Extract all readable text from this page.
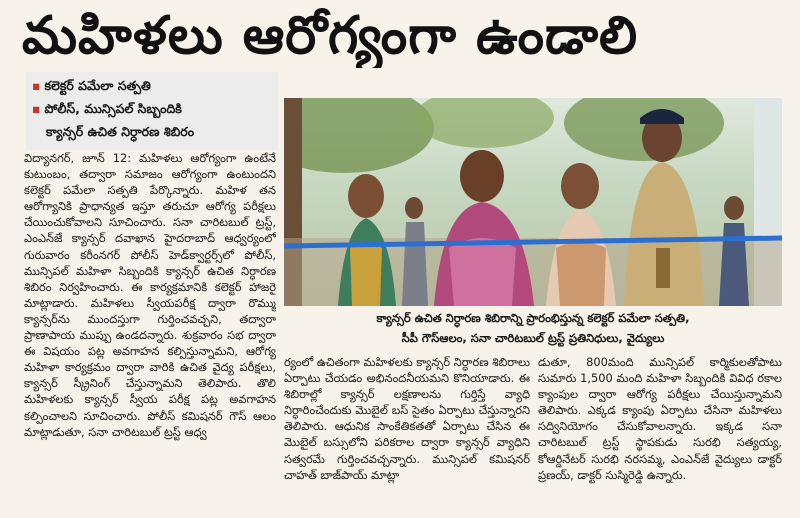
మహిళలు ఆరోగ్యంగా ఉండాలి
▪ కలెక్టర్ పమేలా సత్పతి
▪ పోలీస్, మున్సిపల్ సిబ్బందికి
క్యాన్సర్ ఉచిత నిర్ధారణ శిబిరం

విద్యానగర్, జూన్ 12: మహిళలు ఆరోగ్యంగా ఉంటేనే కుటుంబం, తద్వారా సమాజం ఆరోగ్యంగా ఉంటుందని కలెక్టర్ పమేలా సత్పతి పేర్కొన్నారు. మహిళ తన ఆరోగ్యానికి ప్రాధాన్యత ఇస్తూ తరుచూ ఆరోగ్య పరీక్షలు చేయించుకోవాలని సూచించారు. సనా చారిటబుల్ ట్రస్ట్, ఎంఎన్‌జే క్యాన్సర్ దవాఖాన హైదరాబాద్ ఆధ్వర్యంలో గురువారం కరీంనగర్ పోలీస్ హెడ్‌క్వార్టర్స్‌లో పోలీస్, మున్సిపల్ మహిళా సిబ్బందికి క్యాన్సర్ ఉచిత నిర్ధారణ శిబిరం నిర్వహించారు. ఈ కార్యక్రమానికి కలెక్టర్ హాజరై మాట్లాడారు. మహిళలు స్వీయపరీక్ష ద్వారా రొమ్ము క్యాన్సర్‌ను ముందస్తుగా గుర్తించవచ్చని, తద్వారా ప్రాణాపాయ ముప్పు ఉండదన్నారు. శుక్రవారం సభ ద్వారా ఈ విషయం పట్ల అవగాహన కల్పిస్తున్నామని, ఆరోగ్య మహిళా కార్యక్రమం ద్వారా వారికి ఉచిత వైద్య పరీక్షలు, క్యాన్సర్ స్క్రీనింగ్ చేస్తున్నామని తెలిపారు. తొలి మహిళలకు క్యాన్సర్ స్వీయ పరీక్ష పట్ల అవగాహన కల్పించాలని సూచించారు. పోలీస్ కమిషనర్ గౌస్ ఆలం మాట్లాడుతూ, సనా చారిటబుల్ ట్రస్ట్ ఆధ్వ

క్యాన్సర్ ఉచిత నిర్ధారణ శిబిరాన్ని ప్రారంభిస్తున్న కలెక్టర్ పమేలా సత్పతి,
సీపీ గౌస్‌ఆలం, సనా చారిటబుల్ ట్రస్ట్ ప్రతినిధులు, వైద్యులు

ర్యంలో ఉచితంగా మహిళలకు క్యాన్సర్ నిర్ధారణ శిబిరాలు ఏర్పాటు చేయడం అభినందనీయమని కొనియాడారు. ఈ శిబిరాల్లో క్యాన్సర్ లక్షణాలను గుర్తిస్తే వ్యాధి నిర్ధారించేందుకు మొబైల్ బస్ సైతం ఏర్పాటు చేస్తున్నారని తెలిపారు. ఆధునిక సాంకేతికతతో ఏర్పాటు చేసిన ఈ మొబైల్ బస్సులోని పరికరాల ద్వారా క్యాన్సర్ వ్యాధిని సత్వరమే గుర్తించవచ్చన్నారు. మున్సిపల్ కమిషనర్ చాహత్ బాజ్‌పాయ్ మాట్లా

డుతూ, 800మంది మున్సిపల్ కార్మికులతోపాటు సుమారు 1,500 మంది మహిళా సిబ్బందికి వివిధ రకాల క్యాంపుల ద్వారా ఆరోగ్య పరీక్షలు చేయిస్తున్నామని తెలిపారు. ఎక్కడ క్యాంపు ఏర్పాటు చేసినా మహిళలు సద్వినియోగం చేసుకోవాలన్నారు. ఇక్కడ సనా చారిటబుల్ ట్రస్ట్ స్థాపకుడు సురభి సత్యయ్య, కోఆర్డినేటర్ సురభి నరసమ్మ, ఎంఎన్‌జే వైద్యులు డాక్టర్ ప్రణయ్, డాక్టర్ సుస్మిరెడ్డి ఉన్నారు.
